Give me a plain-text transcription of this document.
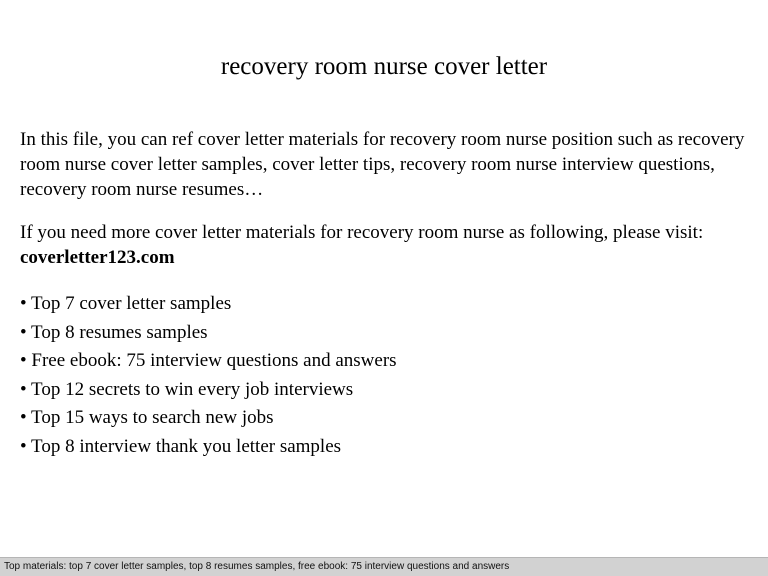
recovery room nurse cover letter
In this file, you can ref cover letter materials for recovery room nurse position such as recovery room nurse cover letter samples, cover letter tips, recovery room nurse interview questions, recovery room nurse resumes…
If you need more cover letter materials for recovery room nurse as following, please visit: coverletter123.com
• Top 7 cover letter samples
• Top 8 resumes samples
• Free ebook: 75 interview questions and answers
• Top 12 secrets to win every job interviews
• Top 15 ways to search new jobs
• Top 8 interview thank you letter samples
Top materials: top 7 cover letter samples, top 8 resumes samples, free ebook: 75 interview questions and answers
